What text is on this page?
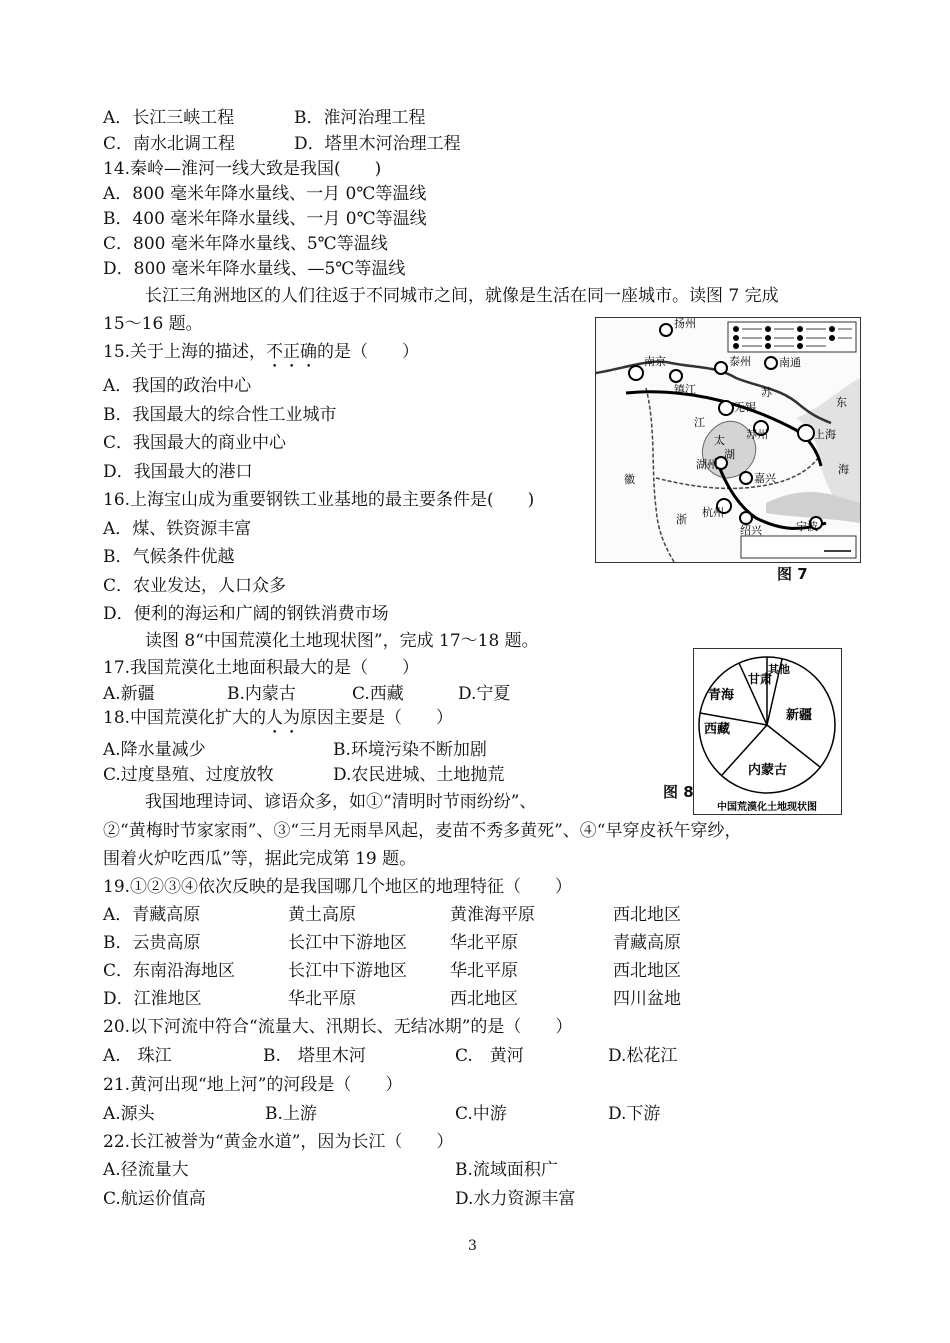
A．长江三峡工程	B．淮河治理工程
C．南水北调工程	D．塔里木河治理工程
14.秦岭—淮河一线大致是我国(　　)
A．800 毫米年降水量线、一月 0℃等温线
B．400 毫米年降水量线、一月 0℃等温线
C．800 毫米年降水量线、5℃等温线
D．800 毫米年降水量线、—5℃等温线
长江三角洲地区的人们往返于不同城市之间，就像是生活在同一座城市。读图 7 完成
15～16 题。
15.关于上海的描述，不正确的是（　　）
A．我国的政治中心
B．我国最大的综合性工业城市
C．我国最大的商业中心
D．我国最大的港口
16.上海宝山成为重要钢铁工业基地的最主要条件是(　　)
A．煤、铁资源丰富
B．气候条件优越
C．农业发达，人口众多
D．便利的海运和广阔的钢铁消费市场
扬州
南京
镇江
泰州
无锡
苏州
南通
上海
湖州
嘉兴
杭州
宁波
绍兴
江
苏
太
湖
浙
徽
东
海
图 7
读图 8“中国荒漠化土地现状图”，完成 17～18 题。
17.我国荒漠化土地面积最大的是（　　）
A.新疆	B.内蒙古	C.西藏	D.宁夏
18.中国荒漠化扩大的人为原因主要是（　　）
A.降水量减少	B.环境污染不断加剧
C.过度垦殖、过度放牧	D.农民进城、土地抛荒
新疆
内蒙古
西藏
青海
甘肃
其他
中国荒漠化土地现状图
图 8
我国地理诗词、谚语众多，如①“清明时节雨纷纷”、
②“黄梅时节家家雨”、③“三月无雨旱风起，麦苗不秀多黄死”、④“早穿皮袄午穿纱，
围着火炉吃西瓜”等，据此完成第 19 题。
19.①②③④依次反映的是我国哪几个地区的地理特征（　　）
A．青藏高原	黄土高原	黄淮海平原	西北地区
B．云贵高原	长江中下游地区	华北平原	青藏高原
C．东南沿海地区	长江中下游地区	华北平原	西北地区
D．江淮地区	华北平原	西北地区	四川盆地
20.以下河流中符合“流量大、汛期长、无结冰期”的是（　　）
A.　珠江	B.　塔里木河	C.　黄河	D.松花江
21.黄河出现“地上河”的河段是（　　）
A.源头	B.上游	C.中游	D.下游
22.长江被誉为“黄金水道”，因为长江（　　）
A.径流量大	B.流域面积广
C.航运价值高	D.水力资源丰富
3
